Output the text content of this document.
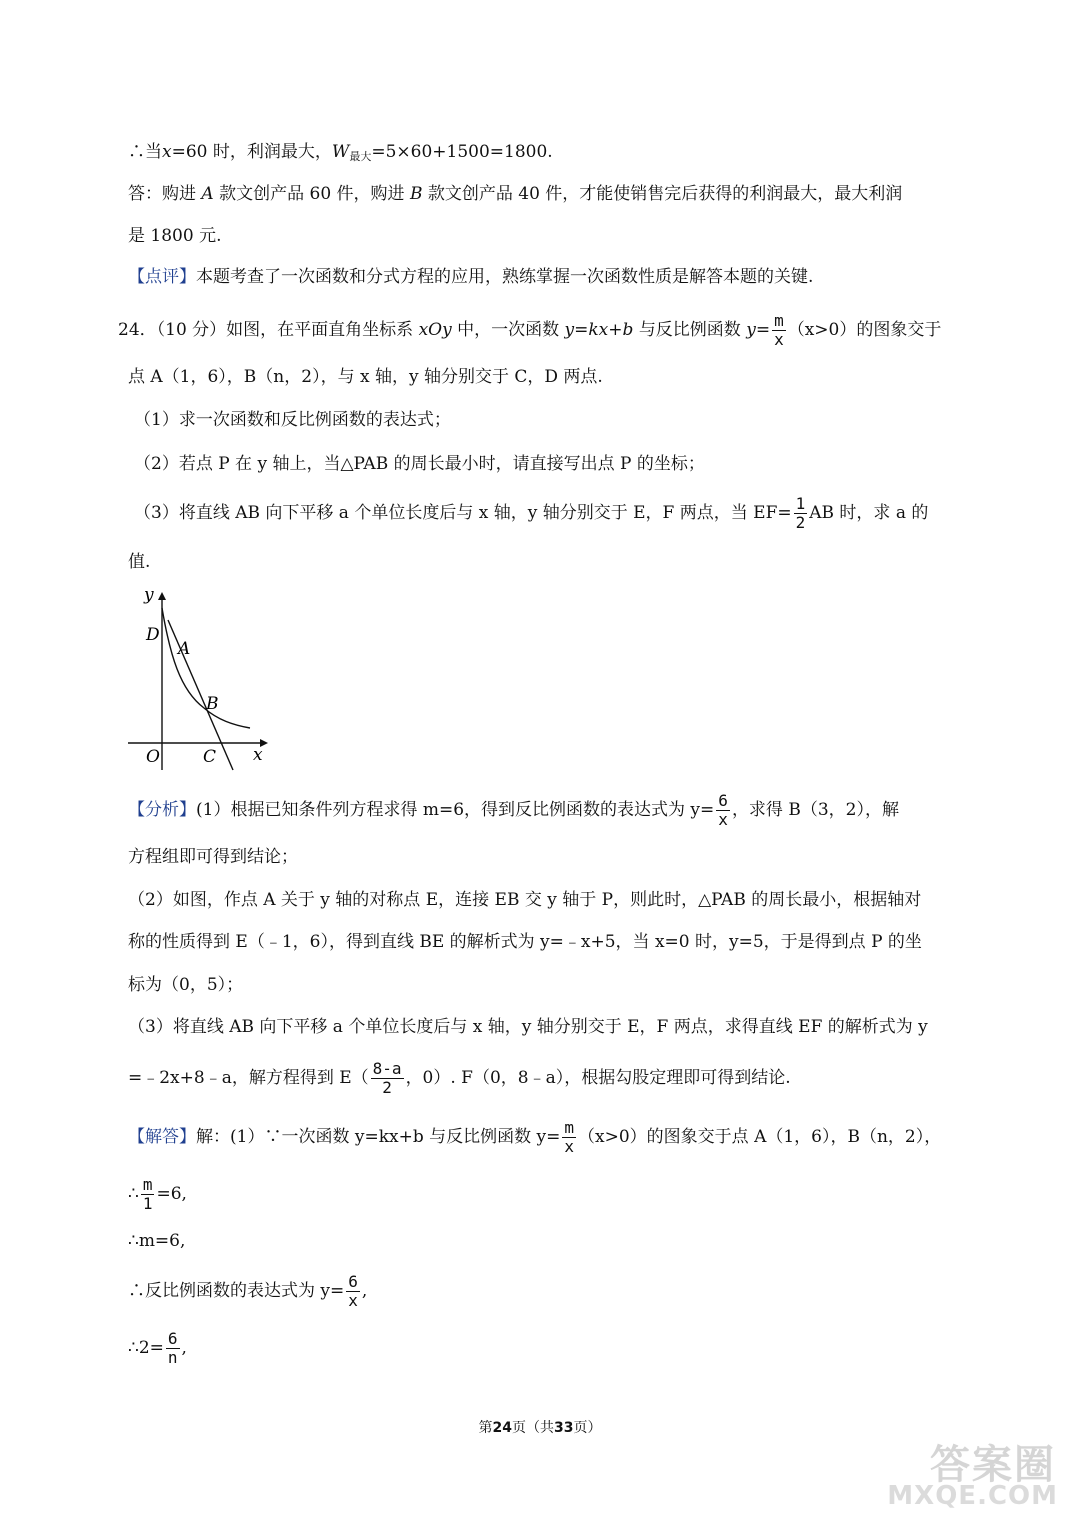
∴当x=60 时，利润最大，$W_{最大}=5\times 60+1500=1800$.
答：购进 A 款文创产品 60 件，购进 B 款文创产品 40 件，才能使销售完后获得的利润最大，最大利润
是 1800 元.
【点评】本题考查了一次函数和分式方程的应用，熟练掌握一次函数性质是解答本题的关键.
24．（10 分）如图，在平面直角坐标系 xOy 中，一次函数 y=kx+b 与反比例函数 $y= \frac{m}{x} (x>0)$的图象交于
点 A（1，6），B（n，2），与 x 轴，y 轴分别交于 C，D 两点.
（1）求一次函数和反比例函数的表达式；
（2）若点 P 在 y 轴上，当△PAB 的周长最小时，请直接写出点 P 的坐标；
（3）将直线 AB 向下平移 a 个单位长度后与 x 轴，y 轴分别交于 E，F 两点，当 $EF= \frac{1}{2}$ AB 时，求 a 的
值.
y
x
D
A
B
O	C
【分析】(1）根据已知条件列方程求得 m=6，得到反比例函数的表达式为 $y= \frac{6}{x}$ ，求得 B（3，2），解
方程组即可得到结论；
（2）如图，作点 A 关于 y 轴的对称点 E，连接 EB 交 y 轴于 P，则此时，△PAB 的周长最小，根据轴对
称的性质得到 E（﹣1，6），得到直线 BE 的解析式为 y=﹣x+5，当 x=0 时，y=5，于是得到点 P 的坐
标为（0，5）；
（3）将直线 AB 向下平移 a 个单位长度后与 x 轴，y 轴分别交于 E，F 两点，求得直线 EF 的解析式为 y
=﹣2x+8﹣a，解方程得到 $E( \frac{8-a}{2}$ ，0）. F（0，8﹣a），根据勾股定理即可得到结论.
【解答】解：(1）∵一次函数 y=kx+b 与反比例函数 $y= \frac{m}{x} (x>0)$的图象交于点 A（1，6），B（n，2），
∴ $\frac{m}{1} =6$,
∴m=6,
∴反比例函数的表达式为 $y= \frac{6}{x}$ ,
∴2= $\frac{6}{n}$ ,
第24页（共33页）
答案圈
MXQE.COM
